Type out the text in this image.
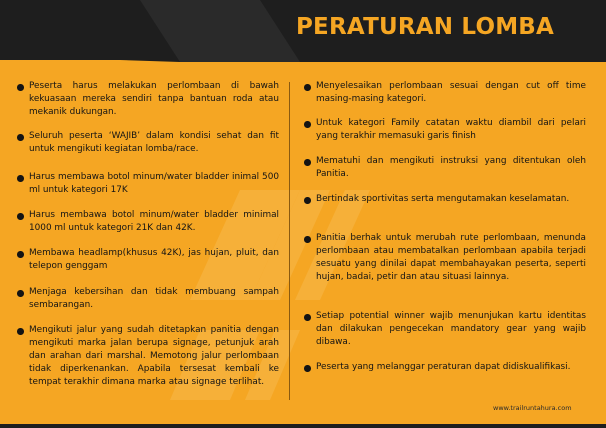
PERATURAN LOMBA
Peserta harus melakukan perlombaan di bawah kekuasaan mereka sendiri tanpa bantuan roda atau mekanik dukungan.
Seluruh peserta ‘WAJIB’ dalam kondisi sehat dan fit untuk mengikuti kegiatan lomba/race.
Harus membawa botol minum/water bladder inimal 500 ml untuk kategori 17K
Harus membawa botol minum/water bladder minimal 1000 ml untuk kategori 21K dan 42K.
Membawa headlamp(khusus 42K), jas hujan, pluit, dan telepon genggam
Menjaga kebersihan dan tidak membuang sampah sembarangan.
Mengikuti jalur yang sudah ditetapkan panitia dengan mengikuti marka jalan berupa signage, petunjuk arah dan arahan dari marshal. Memotong jalur perlombaan tidak diperkenankan. Apabila tersesat kembali ke tempat terakhir dimana marka atau signage terlihat.
Menyelesaikan perlombaan sesuai dengan cut off time masing-masing kategori.
Untuk kategori Family catatan waktu diambil dari pelari yang terakhir memasuki garis finish
Mematuhi dan mengikuti instruksi yang ditentukan oleh Panitia.
Bertindak sportivitas serta mengutamakan keselamatan.
Panitia berhak untuk merubah rute perlombaan, menunda perlombaan atau membatalkan perlombaan apabila terjadi sesuatu yang dinilai dapat membahayakan peserta, seperti hujan, badai, petir dan atau situasi lainnya.
Setiap potential winner wajib menunjukan kartu identitas dan dilakukan pengecekan mandatory gear yang wajib dibawa.
Peserta yang melanggar peraturan dapat didiskualifikasi.
www.trailruntahura.com
